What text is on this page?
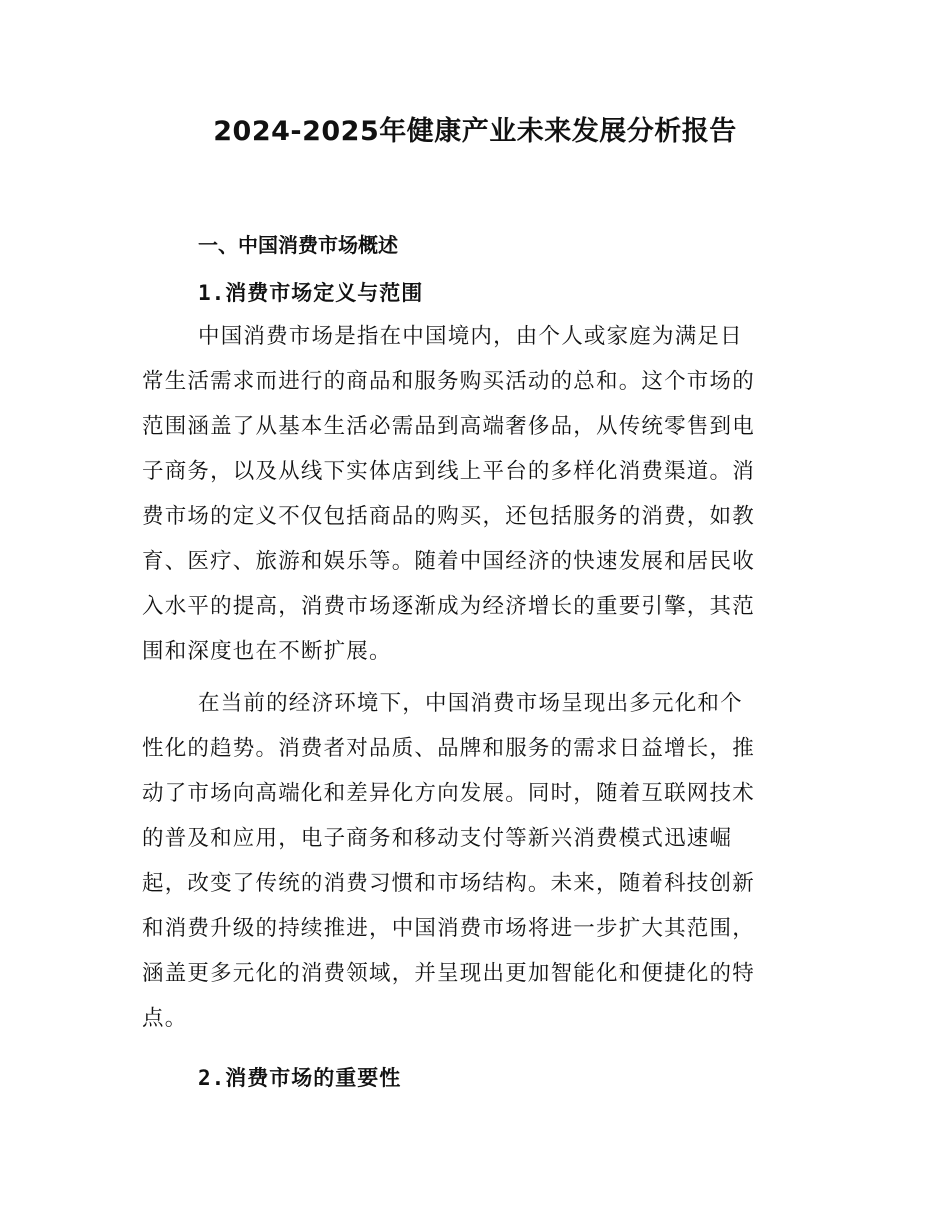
2024-2025年健康产业未来发展分析报告
一、中国消费市场概述
1.消费市场定义与范围

中国消费市场是指在中国境内，由个人或家庭为满足日

常生活需求而进行的商品和服务购买活动的总和。这个市场的

范围涵盖了从基本生活必需品到高端奢侈品，从传统零售到电

子商务，以及从线下实体店到线上平台的多样化消费渠道。消

费市场的定义不仅包括商品的购买，还包括服务的消费，如教

育、医疗、旅游和娱乐等。随着中国经济的快速发展和居民收

入水平的提高，消费市场逐渐成为经济增长的重要引擎，其范

围和深度也在不断扩展。

在当前的经济环境下，中国消费市场呈现出多元化和个

性化的趋势。消费者对品质、品牌和服务的需求日益增长，推

动了市场向高端化和差异化方向发展。同时，随着互联网技术

的普及和应用，电子商务和移动支付等新兴消费模式迅速崛

起，改变了传统的消费习惯和市场结构。未来，随着科技创新

和消费升级的持续推进，中国消费市场将进一步扩大其范围，

涵盖更多元化的消费领域，并呈现出更加智能化和便捷化的特

点。

2.消费市场的重要性
